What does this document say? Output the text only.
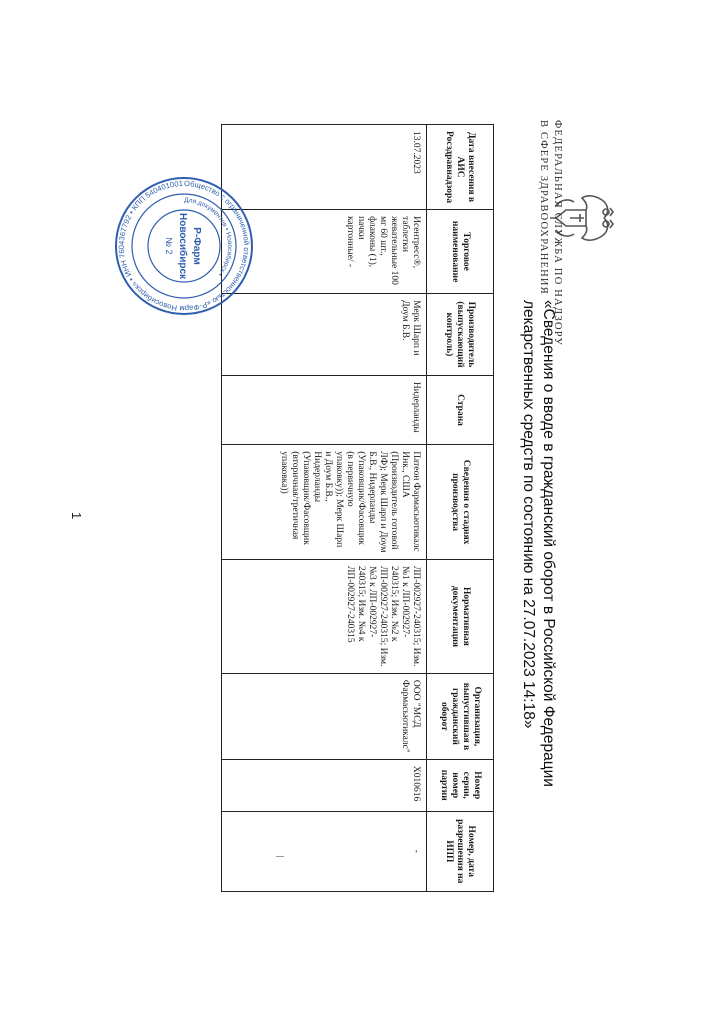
ФЕДЕРАЛЬНАЯ СЛУЖБА ПО НАДЗОРУ
В СФЕРЕ ЗДРАВООХРАНЕНИЯ
«Сведения о вводе в гражданский оборот в Российской Федерации
лекарственных средств по состоянию на 27.07.2023 14:18»
Дата внесения в АИС Росздравнадзора	Торговое наименование	Производитель (выпускающий контроль)	Страна	Сведения о стадиях производства	Нормативная документация	Организация, выпустившая в гражданский оборот	Номер серии, номер партии	Номер, дата разрешения на ИПП
13.07.2023	Исентресс®, таблетки жевательные 100 мг 60 шт., флаконы (1), пачки картонные/ -	Мерк Шарп и Доум Б.В.	Нидерланды	Патеон Фармасьютикалс Инк., США (Производитель готовой ЛФ); Мерк Шарп и Доум Б.В., Нидерланды (Упаковщик/Фасовщик (в первичную упаковку)); Мерк Шарп и Доум Б.В., Нидерланды (Упаковщик/Фасовщик (вторичная/третичная упаковка))	ЛП-002927-240315; Изм. №1 к ЛП-002927-240315; Изм. №2 к ЛП-002927-240315; Изм. №3 к ЛП-002927-240315; Изм. №4 к ЛП-002927-240315	ООО "МСД Фармасьютикалс"	X010616	-
1
Общество с ограниченной ответственностью «Р-Фарм Новосибирск» • ИНН 7604367792 • КПП 540401001
Для документов • Новосибирск •
Р-Фарм
Новосибирск
№ 2
